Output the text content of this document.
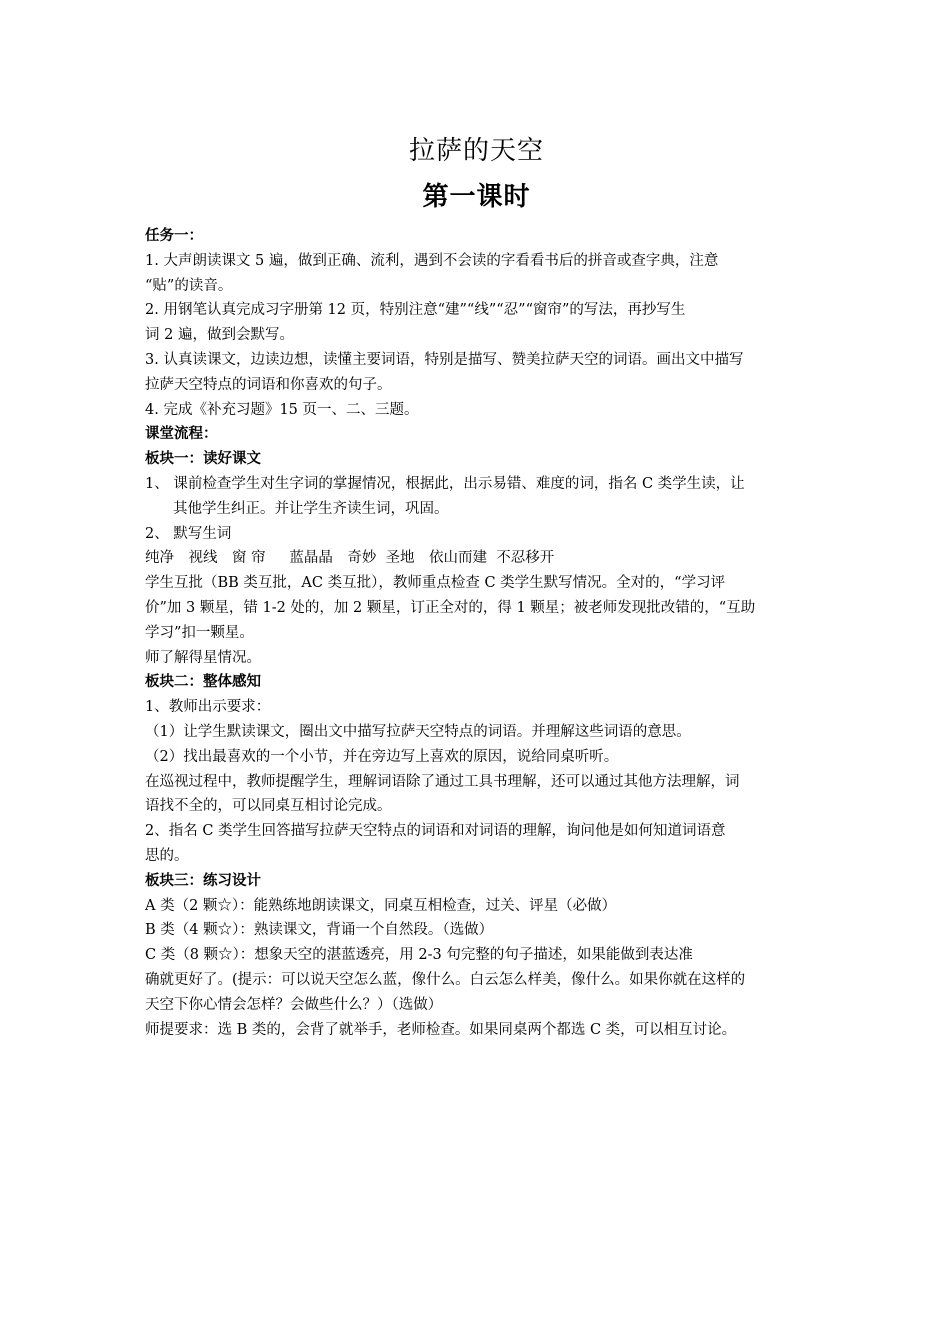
拉萨的天空

第一课时

任务一：

1. 大声朗读课文 5 遍，做到正确、流利，遇到不会读的字看看书后的拼音或查字典，注意

“贴”的读音。

2. 用钢笔认真完成习字册第 12 页，特别注意“建”“线”“忍”“窗帘”的写法，再抄写生

词 2 遍，做到会默写。

3. 认真读课文，边读边想，读懂主要词语，特别是描写、赞美拉萨天空的词语。画出文中描写

拉萨天空特点的词语和你喜欢的句子。

4. 完成《补充习题》15 页一、二、三题。

课堂流程：

板块一：读好课文

1、 课前检查学生对生字词的掌握情况，根据此，出示易错、难度的词，指名 C 类学生读，让

其他学生纠正。并让学生齐读生词，巩固。

2、 默写生词

纯净　视线　窗 帘 　 蓝晶晶　奇妙  圣地　依山而建  不忍移开

学生互批（BB 类互批，AC 类互批），教师重点检查 C 类学生默写情况。全对的，“学习评

价”加 3 颗星，错 1-2 处的，加 2 颗星，订正全对的，得 1 颗星；被老师发现批改错的，“互助

学习”扣一颗星。

师了解得星情况。

板块二：整体感知

1、教师出示要求：

（1）让学生默读课文，圈出文中描写拉萨天空特点的词语。并理解这些词语的意思。

（2）找出最喜欢的一个小节，并在旁边写上喜欢的原因，说给同桌听听。

在巡视过程中，教师提醒学生，理解词语除了通过工具书理解，还可以通过其他方法理解，词

语找不全的，可以同桌互相讨论完成。

2、指名 C 类学生回答描写拉萨天空特点的词语和对词语的理解，询问他是如何知道词语意

思的。

板块三：练习设计

A 类（2 颗☆）：能熟练地朗读课文，同桌互相检查，过关、评星（必做）

B 类（4 颗☆）：熟读课文，背诵一个自然段。（选做）

C 类（8 颗☆）：想象天空的湛蓝透亮，用 2-3 句完整的句子描述，如果能做到表达准

确就更好了。(提示：可以说天空怎么蓝，像什么。白云怎么样美，像什么。如果你就在这样的

天空下你心情会怎样？会做些什么？）（选做）

师提要求：选 B 类的，会背了就举手，老师检查。如果同桌两个都选 C 类，可以相互讨论。
